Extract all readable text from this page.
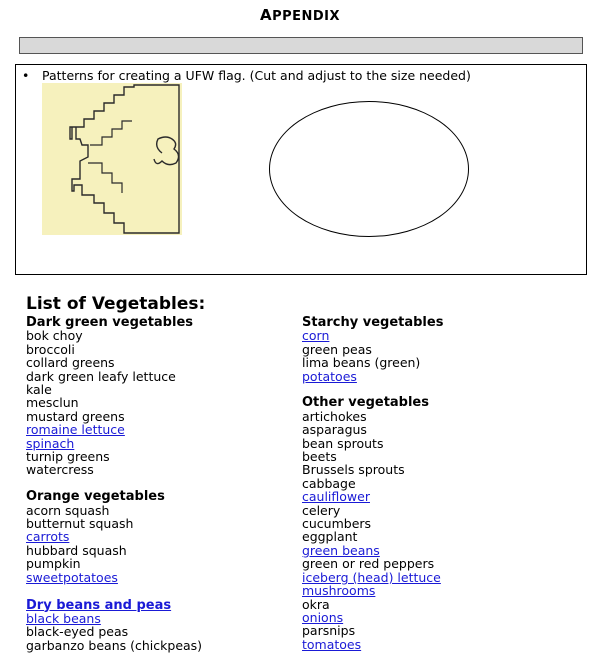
APPENDIX
• Patterns for creating a UFW flag. (Cut and adjust to the size needed)
List of Vegetables:
Dark green vegetables
bok choy
broccoli
collard greens
dark green leafy lettuce
kale
mesclun
mustard greens
romaine lettuce
spinach
turnip greens
watercress
Orange vegetables
acorn squash
butternut squash
carrots
hubbard squash
pumpkin
sweetpotatoes
Dry beans and peas
black beans
black-eyed peas
garbanzo beans (chickpeas)
Starchy vegetables
corn
green peas
lima beans (green)
potatoes
Other vegetables
artichokes
asparagus
bean sprouts
beets
Brussels sprouts
cabbage
cauliflower
celery
cucumbers
eggplant
green beans
green or red peppers
iceberg (head) lettuce
mushrooms
okra
onions
parsnips
tomatoes
